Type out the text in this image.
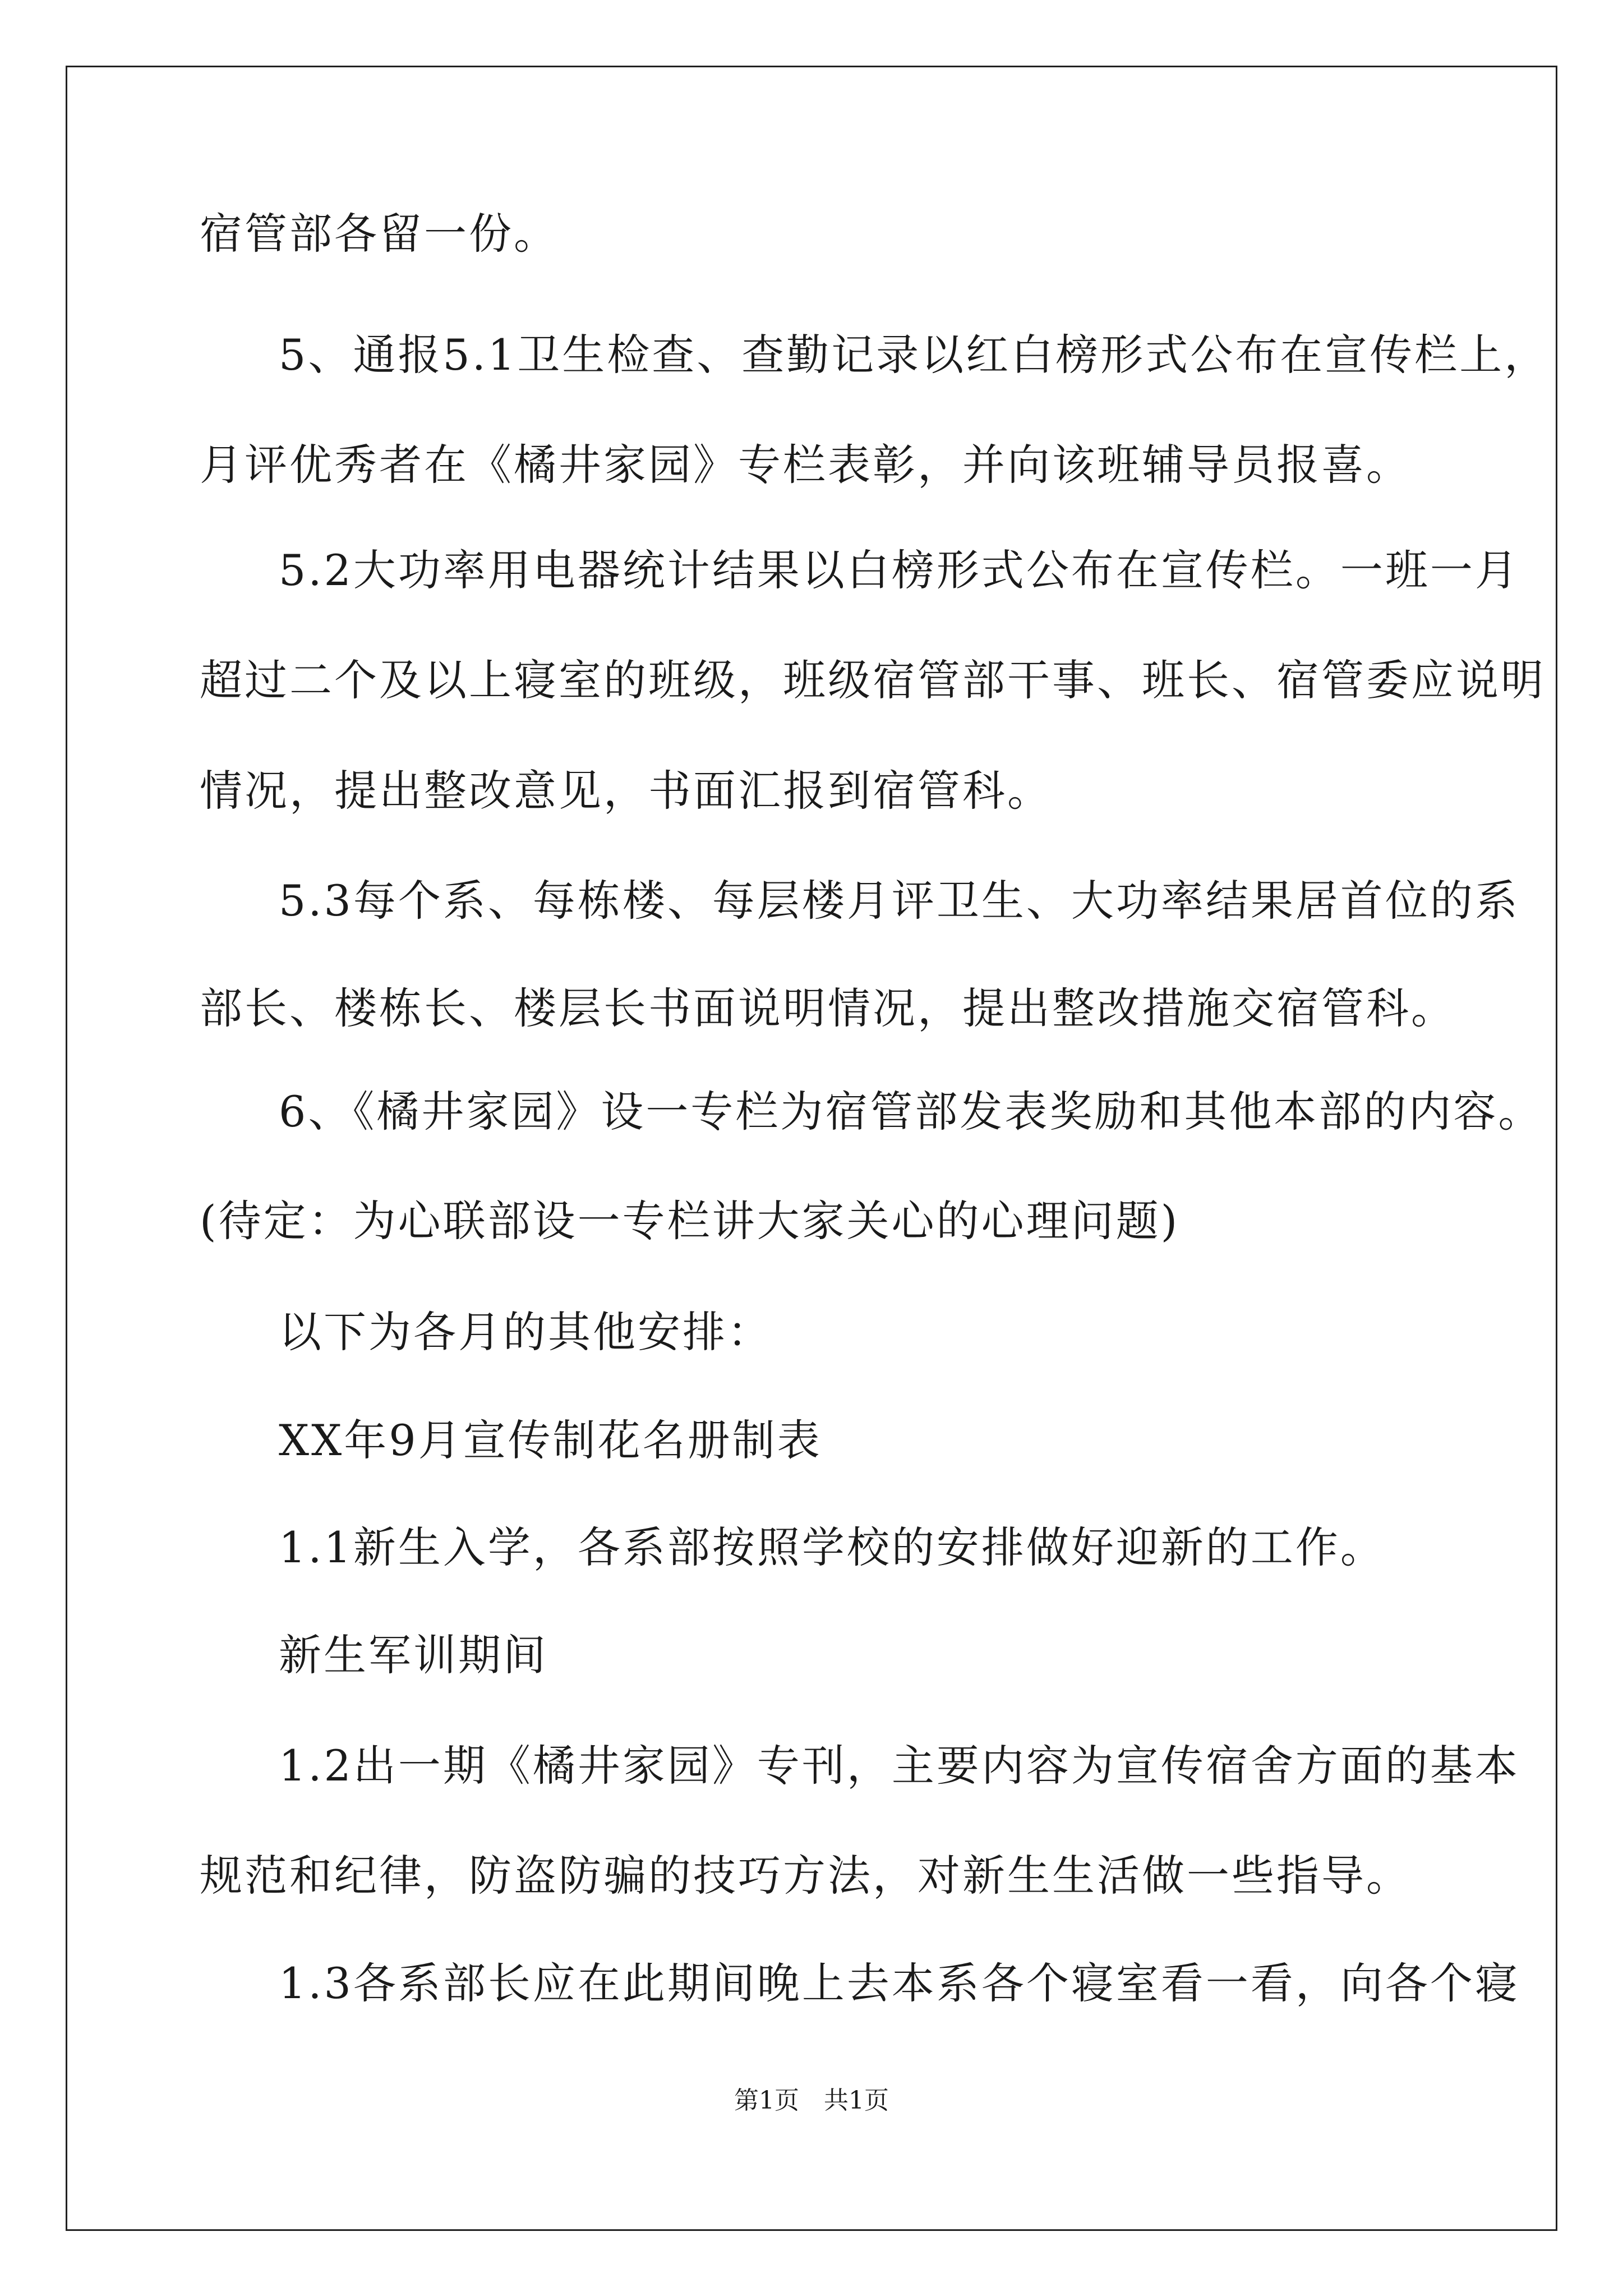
宿管部各留一份。
5、通报5.1卫生检查、查勤记录以红白榜形式公布在宣传栏上，
月评优秀者在《橘井家园》专栏表彰，并向该班辅导员报喜。
5.2大功率用电器统计结果以白榜形式公布在宣传栏。一班一月
超过二个及以上寝室的班级，班级宿管部干事、班长、宿管委应说明
情况，提出整改意见，书面汇报到宿管科。
5.3每个系、每栋楼、每层楼月评卫生、大功率结果居首位的系
部长、楼栋长、楼层长书面说明情况，提出整改措施交宿管科。
6、《橘井家园》设一专栏为宿管部发表奖励和其他本部的内容。
(待定：为心联部设一专栏讲大家关心的心理问题)
以下为各月的其他安排：
XX年9月宣传制花名册制表
1.1新生入学，各系部按照学校的安排做好迎新的工作。
新生军训期间
1.2出一期《橘井家园》专刊，主要内容为宣传宿舍方面的基本
规范和纪律，防盗防骗的技巧方法，对新生生活做一些指导。
1.3各系部长应在此期间晚上去本系各个寝室看一看，向各个寝
第1页　共1页
